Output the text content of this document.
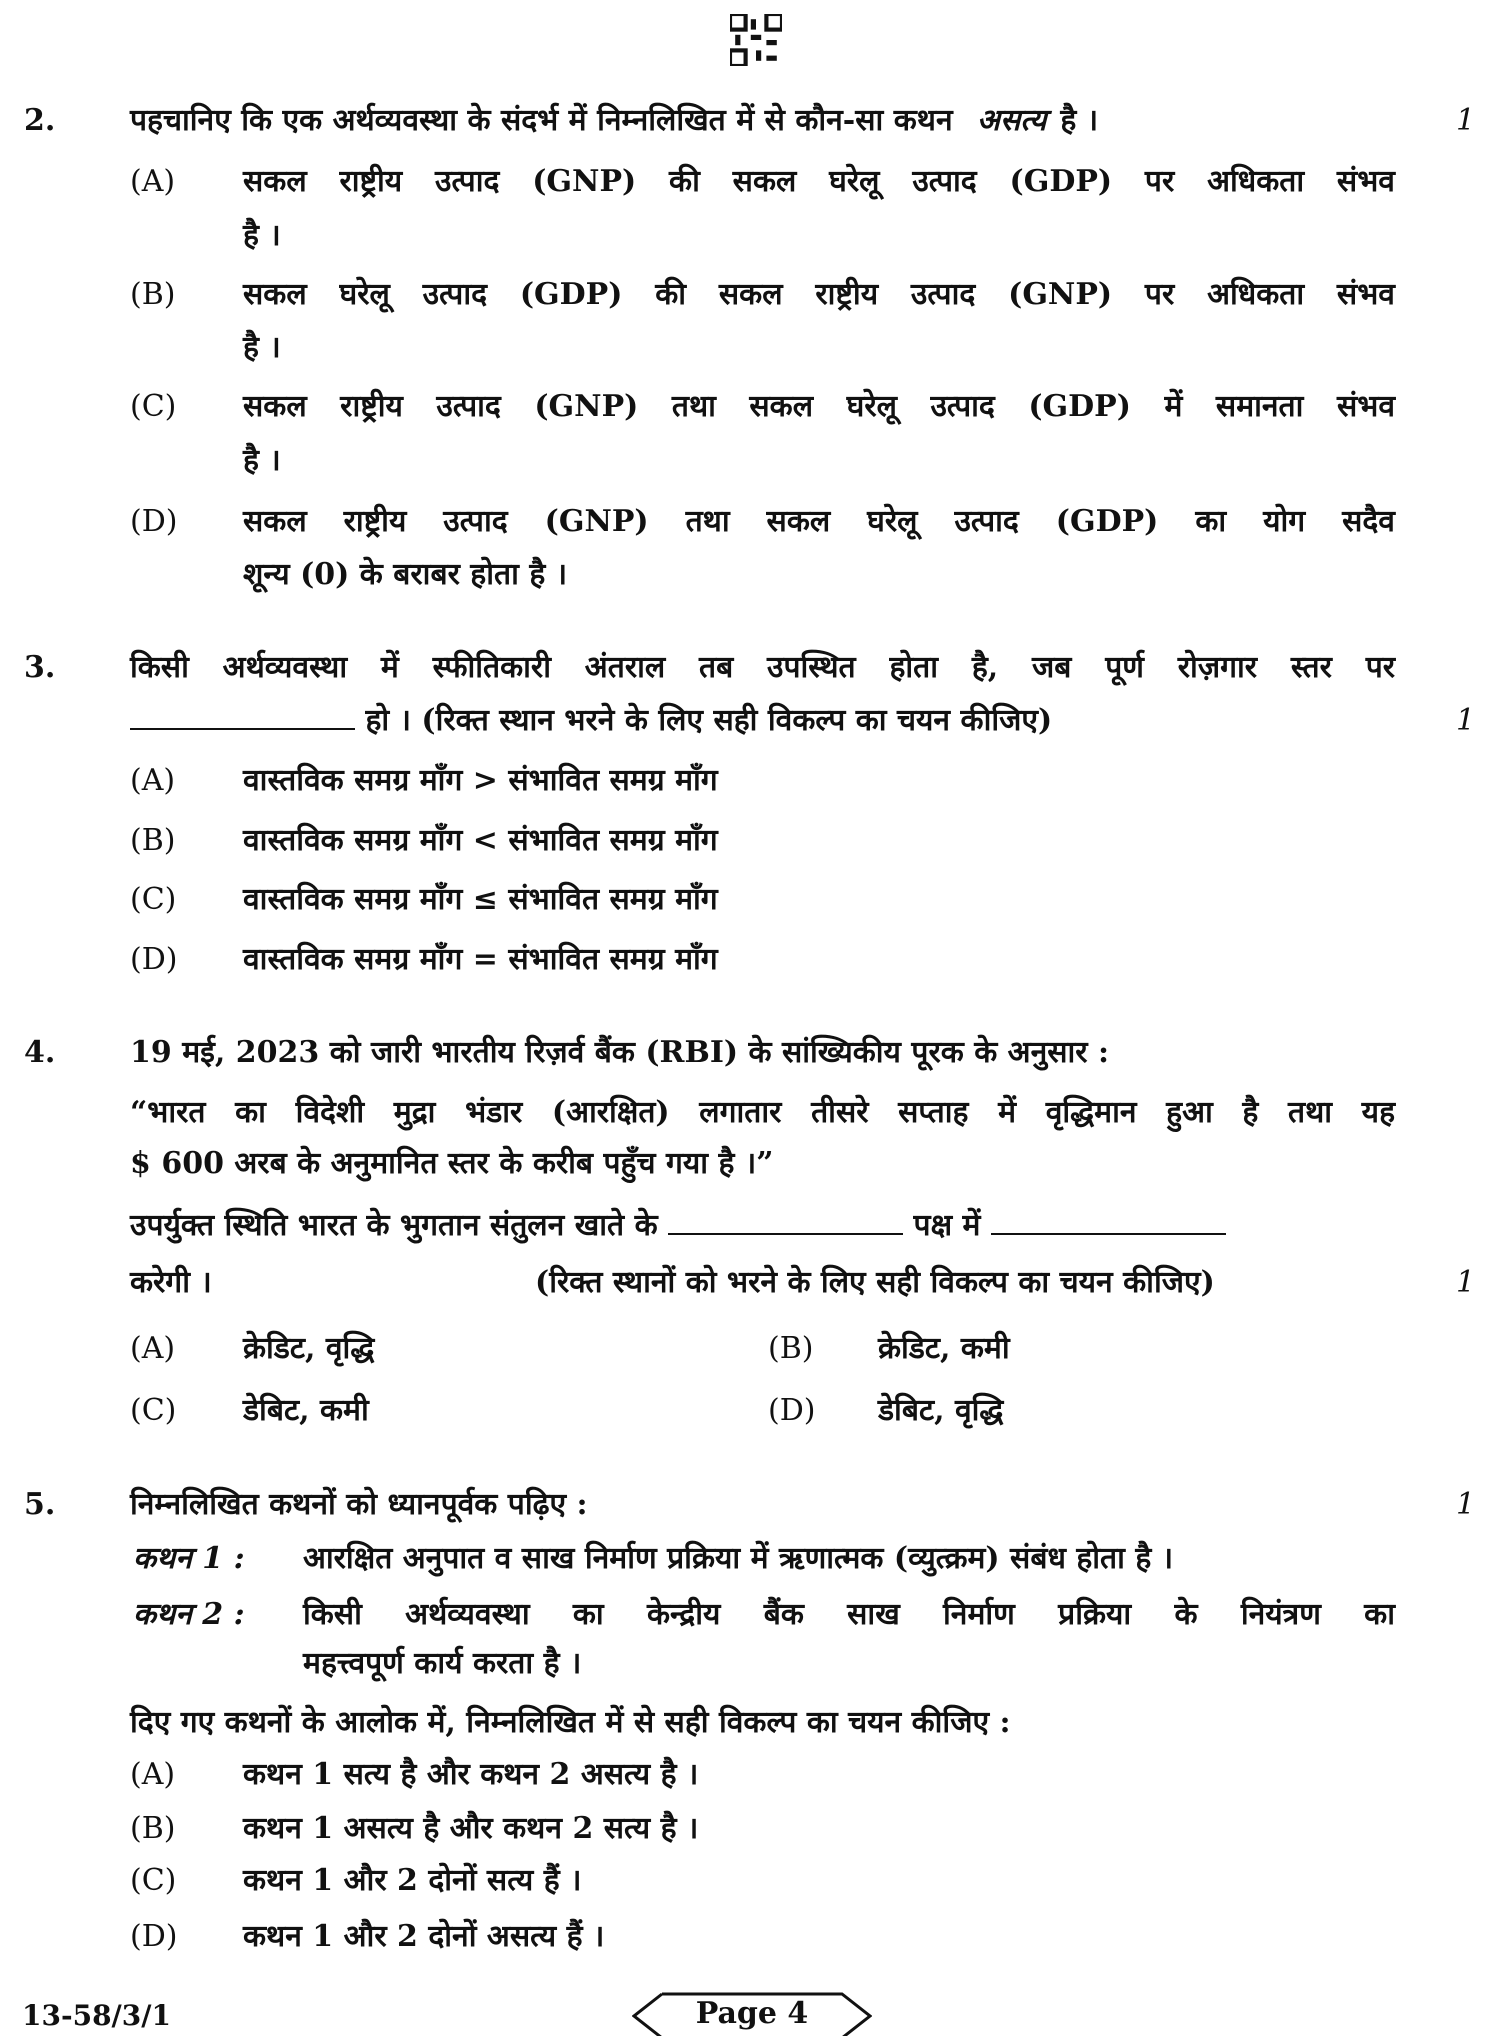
2. पहचानिए कि एक अर्थव्यवस्था के संदर्भ में निम्नलिखित में से कौन-सा कथन असत्य है ।	1
(A) सकल राष्ट्रीय उत्पाद (GNP) की सकल घरेलू उत्पाद (GDP) पर अधिकता संभव
है ।
(B) सकल घरेलू उत्पाद (GDP) की सकल राष्ट्रीय उत्पाद (GNP) पर अधिकता संभव
है ।
(C) सकल राष्ट्रीय उत्पाद (GNP) तथा सकल घरेलू उत्पाद (GDP) में समानता संभव
है ।
(D) सकल राष्ट्रीय उत्पाद (GNP) तथा सकल घरेलू उत्पाद (GDP) का योग सदैव
शून्य (0) के बराबर होता है ।
3. किसी अर्थव्यवस्था में स्फीतिकारी अंतराल तब उपस्थित होता है, जब पूर्ण रोज़गार स्तर पर
हो । (रिक्त स्थान भरने के लिए सही विकल्प का चयन कीजिए)	1
(A) वास्तविक समग्र माँग > संभावित समग्र माँग
(B) वास्तविक समग्र माँग < संभावित समग्र माँग
(C) वास्तविक समग्र माँग ≤ संभावित समग्र माँग
(D) वास्तविक समग्र माँग = संभावित समग्र माँग
4. 19 मई, 2023 को जारी भारतीय रिज़र्व बैंक (RBI) के सांख्यिकीय पूरक के अनुसार :
“भारत का विदेशी मुद्रा भंडार (आरक्षित) लगातार तीसरे सप्ताह में वृद्धिमान हुआ है तथा यह
$ 600 अरब के अनुमानित स्तर के करीब पहुँच गया है ।”
उपर्युक्त स्थिति भारत के भुगतान संतुलन खाते के	पक्ष में
करेगी ।	(रिक्त स्थानों को भरने के लिए सही विकल्प का चयन कीजिए)	1
(A) क्रेडिट, वृद्धि	(B) क्रेडिट, कमी
(C) डेबिट, कमी	(D) डेबिट, वृद्धि
5. निम्नलिखित कथनों को ध्यानपूर्वक पढ़िए :	1
कथन 1 : आरक्षित अनुपात व साख निर्माण प्रक्रिया में ऋणात्मक (व्युत्क्रम) संबंध होता है ।
कथन 2 : किसी अर्थव्यवस्था का केन्द्रीय बैंक साख निर्माण प्रक्रिया के नियंत्रण का
महत्त्वपूर्ण कार्य करता है ।
दिए गए कथनों के आलोक में, निम्नलिखित में से सही विकल्प का चयन कीजिए :
(A) कथन 1 सत्य है और कथन 2 असत्य है ।
(B) कथन 1 असत्य है और कथन 2 सत्य है ।
(C) कथन 1 और 2 दोनों सत्य हैं ।
(D) कथन 1 और 2 दोनों असत्य हैं ।
13-58/3/1	Page 4
